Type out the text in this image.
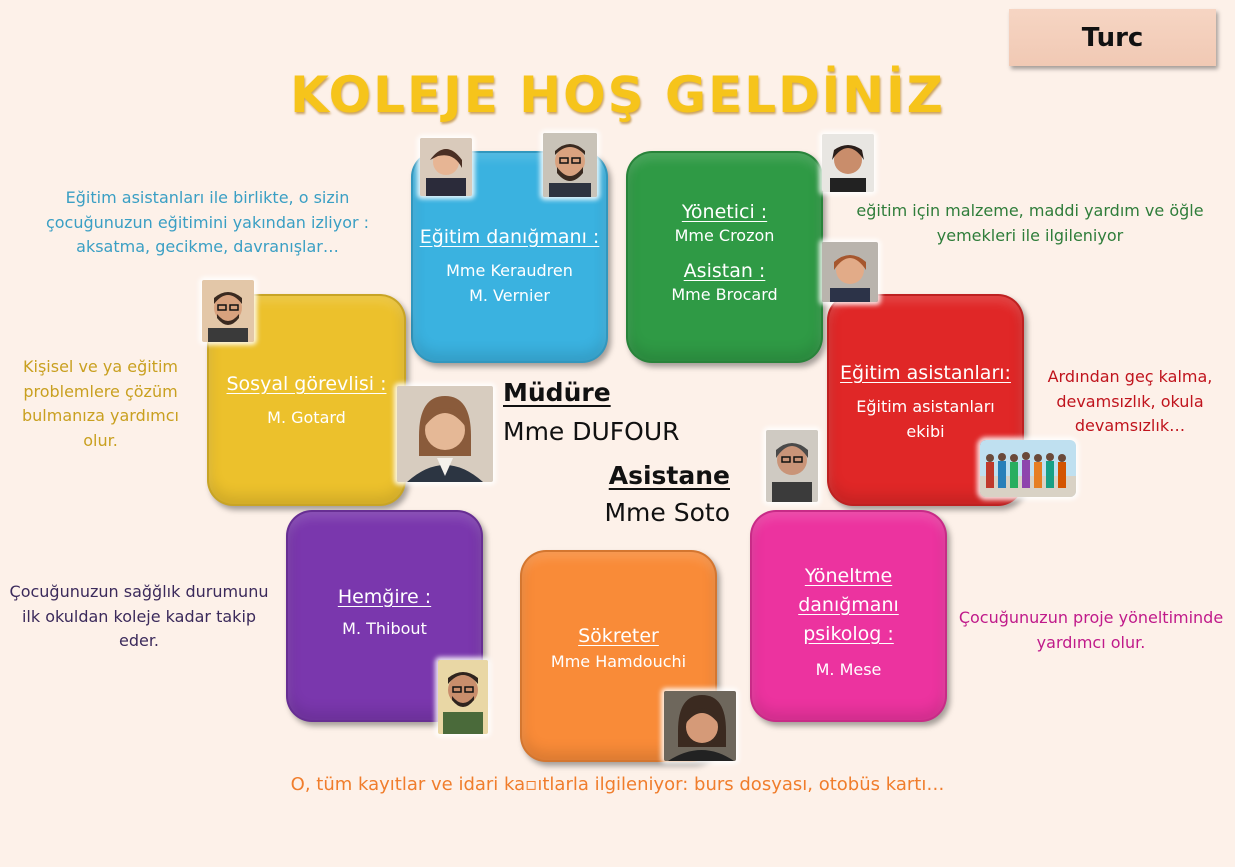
Turc
KOLEJE HOŞ GELDİNİZ
Eğitim danığmanı :
Mme Keraudren
M. Vernier
Yönetici :
Mme Crozon
Asistan :
Mme Brocard
Sosyal görevlisi :
M. Gotard
Eğitim asistanları:
Eğitim asistanları
ekibi
Hemğire :
M. Thibout	Sökreter
Mme Hamdouchi
Yöneltme
danığmanı
psikolog :
M. Mese
Müdüre
Mme DUFOUR
Asistane
Mme Soto
Eğitim asistanları ile birlikte, o sizin
çocuğunuzun eğitimini yakından izliyor :
aksatma, gecikme, davranışlar…
eğitim için malzeme, maddi yardım ve öğle
yemekleri ile ilgileniyor
Kişisel ve ya eğitim
problemlere çözüm
bulmanıza yardımcı
olur.
Ardından geç kalma,
devamsızlık, okula
devamsızlık…
Çocuğunuzun sağğlık durumunu
ilk okuldan koleje kadar takip
eder.
Çocuğunuzun proje yöneltiminde
yardımcı olur.
O, tüm kayıtlar ve idari ka▫ıtlarla ilgileniyor: burs dosyası, otobüs kartı…
